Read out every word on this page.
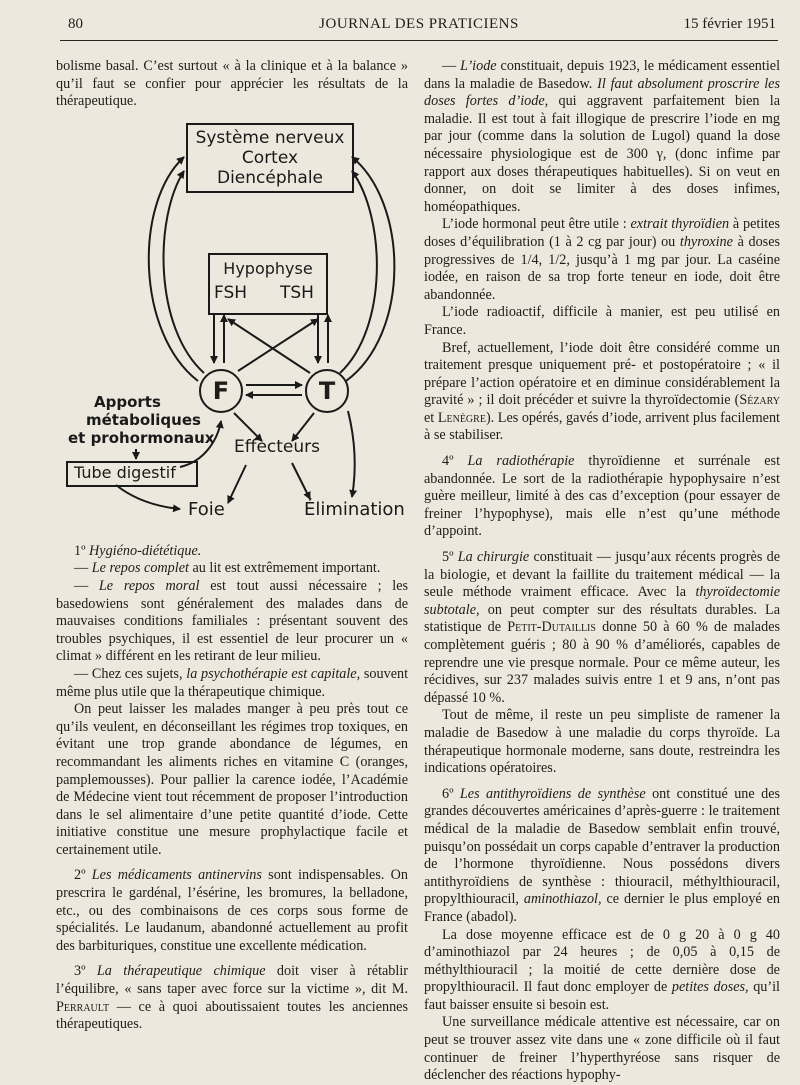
80	JOURNAL DES PRATICIENS	15 février 1951

bolisme basal. C’est surtout « à la clinique et à la balance » qu’il faut se confier pour apprécier les résultats de la thérapeutique.

Système nerveux
Cortex
Diencéphale
Hypophyse
FSH TSH
F	T
Apports
métaboliques
et prohormonaux
Tube digestif
Effecteurs
Foie	Élimination

1º Hygiéno-diététique.

— Le repos complet au lit est extrêmement important.

— Le repos moral est tout aussi nécessaire ; les basedowiens sont généralement des malades dans de mauvaises conditions familiales : présentant souvent des troubles psychiques, il est essentiel de leur procurer un « climat » différent en les retirant de leur milieu.

— Chez ces sujets, la psychothérapie est capitale, souvent même plus utile que la thérapeutique chimique.

On peut laisser les malades manger à peu près tout ce qu’ils veulent, en déconseillant les régimes trop toxiques, en évitant une trop grande abondance de légumes, en recommandant les aliments riches en vitamine C (oranges, pamplemousses). Pour pallier la carence iodée, l’Académie de Médecine vient tout récemment de proposer l’introduction dans le sel alimentaire d’une petite quantité d’iode. Cette initiative constitue une mesure prophylactique facile et certainement utile.

2º Les médicaments antinervins sont indispensables. On prescrira le gardénal, l’ésérine, les bromures, la belladone, etc., ou des combinaisons de ces corps sous forme de spécialités. Le laudanum, abandonné actuellement au profit des barbituriques, constitue une excellente médication.

3º La thérapeutique chimique doit viser à rétablir l’équilibre, « sans taper avec force sur la victime », dit M. Perrault — ce à quoi aboutissaient toutes les anciennes thérapeutiques.

— L’iode constituait, depuis 1923, le médicament essentiel dans la maladie de Basedow. Il faut absolument proscrire les doses fortes d’iode, qui aggravent parfaitement bien la maladie. Il est tout à fait illogique de prescrire l’iode en mg par jour (comme dans la solution de Lugol) quand la dose nécessaire physiologique est de 300 γ, (donc infime par rapport aux doses thérapeutiques habituelles). Si on veut en donner, on doit se limiter à des doses infimes, homéopathiques.

L’iode hormonal peut être utile : extrait thyroïdien à petites doses d’équilibration (1 à 2 cg par jour) ou thyroxine à doses progressives de 1/4, 1/2, jusqu’à 1 mg par jour. La caséine iodée, en raison de sa trop forte teneur en iode, doit être abandonnée.

L’iode radioactif, difficile à manier, est peu utilisé en France.

Bref, actuellement, l’iode doit être considéré comme un traitement presque uniquement pré- et postopératoire ; « il prépare l’action opératoire et en diminue considérablement la gravité » ; il doit précéder et suivre la thyroïdectomie (Sézary et Lenègre). Les opérés, gavés d’iode, arrivent plus facilement à se stabiliser.

4º La radiothérapie thyroïdienne et surrénale est abandonnée. Le sort de la radiothérapie hypophysaire n’est guère meilleur, limité à des cas d’exception (pour essayer de freiner l’hypophyse), mais elle n’est qu’une méthode d’appoint.

5º La chirurgie constituait — jusqu’aux récents progrès de la biologie, et devant la faillite du traitement médical — la seule méthode vraiment efficace. Avec la thyroïdectomie subtotale, on peut compter sur des résultats durables. La statistique de Petit-Dutaillis donne 50 à 60 % de malades complètement guéris ; 80 à 90 % d’améliorés, capables de reprendre une vie presque normale. Pour ce même auteur, les récidives, sur 237 malades suivis entre 1 et 9 ans, n’ont pas dépassé 10 %.

Tout de même, il reste un peu simpliste de ramener la maladie de Basedow à une maladie du corps thyroïde. La thérapeutique hormonale moderne, sans doute, restreindra les indications opératoires.

6º Les antithyroïdiens de synthèse ont constitué une des grandes découvertes américaines d’après-guerre : le traitement médical de la maladie de Basedow semblait enfin trouvé, puisqu’on possédait un corps capable d’entraver la production de l’hormone thyroïdienne. Nous possédons divers antithyroïdiens de synthèse : thiouracil, méthylthiouracil, propylthiouracil, aminothiazol, ce dernier le plus employé en France (abadol).

La dose moyenne efficace est de 0 g 20 à 0 g 40 d’aminothiazol par 24 heures ; de 0,05 à 0,15 de méthylthiouracil ; la moitié de cette dernière dose de propylthiouracil. Il faut donc employer de petites doses, qu’il faut baisser ensuite si besoin est.

Une surveillance médicale attentive est nécessaire, car on peut se trouver assez vite dans une « zone difficile où il faut continuer de freiner l’hyperthyréose sans risquer de déclencher des réactions hypophy-
